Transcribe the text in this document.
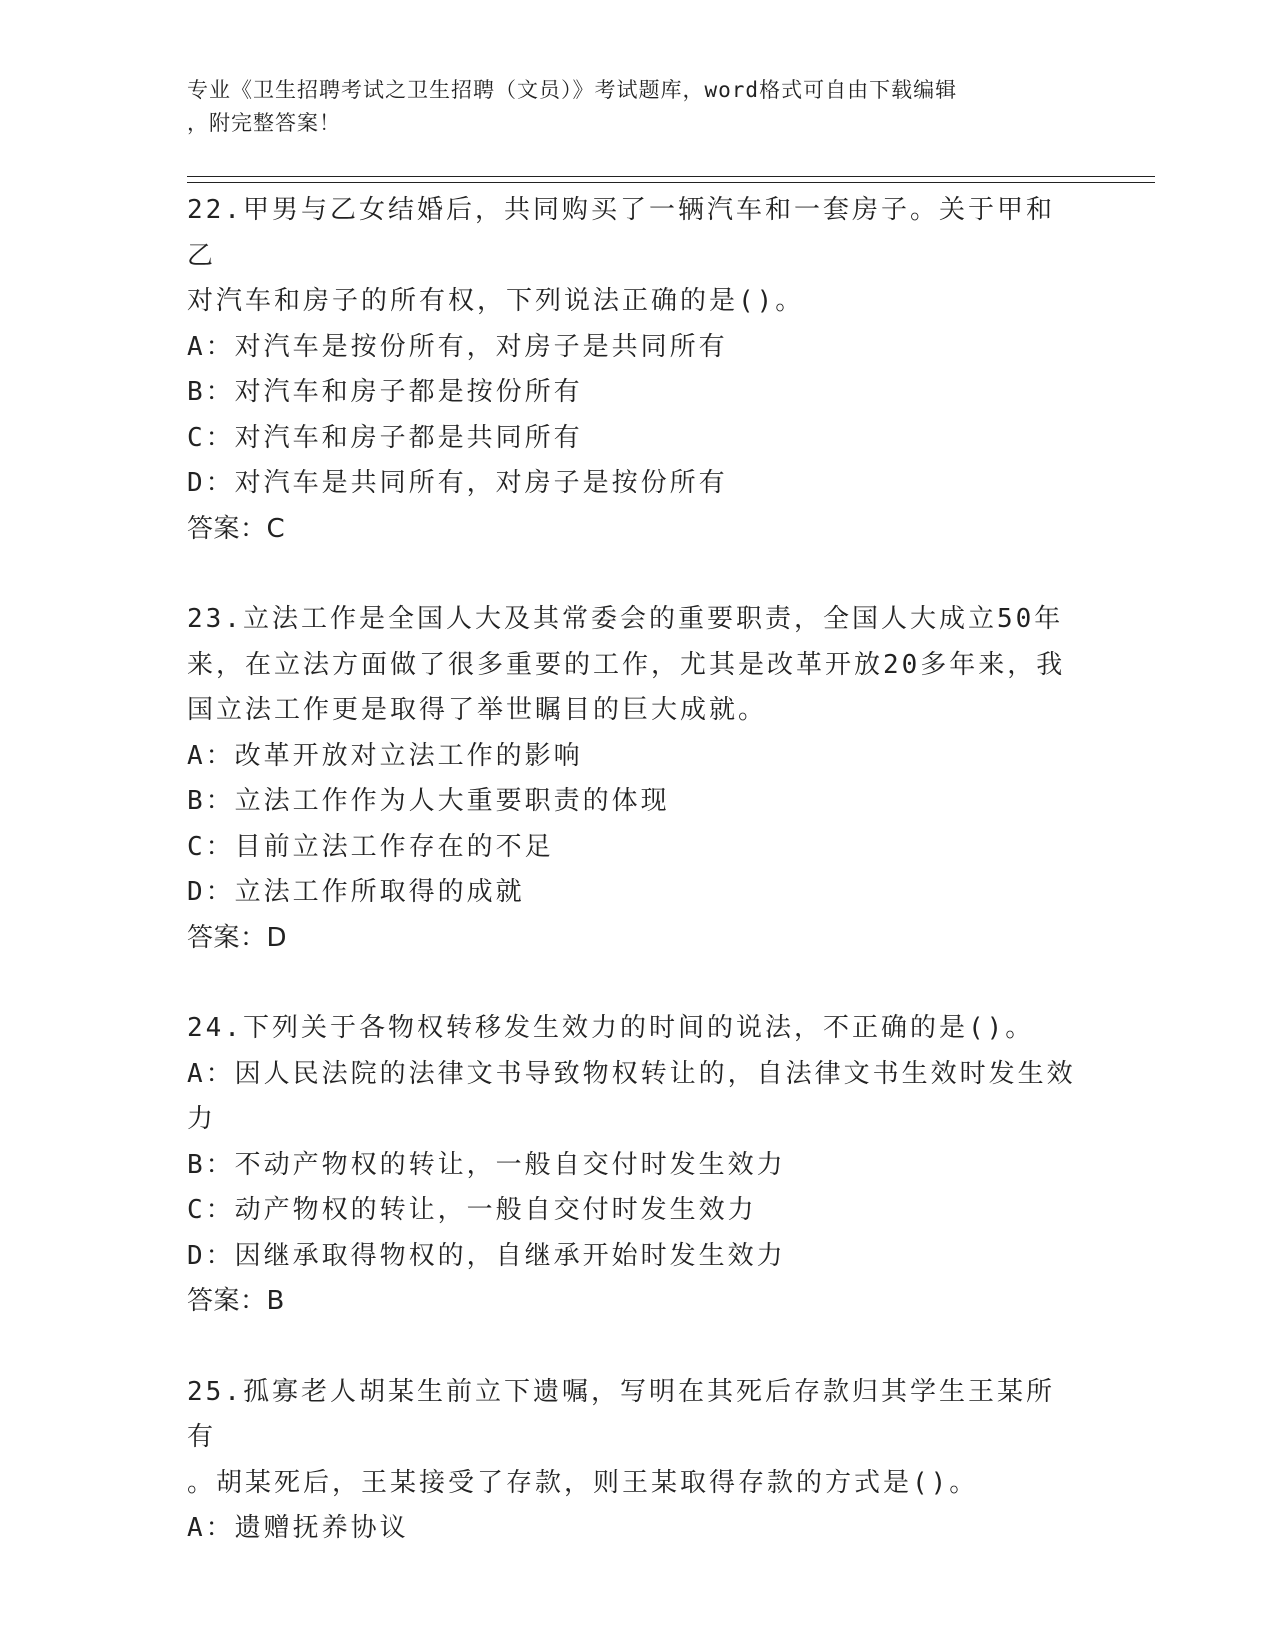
专业《卫生招聘考试之卫生招聘（文员）》考试题库，word格式可自由下载编辑
，附完整答案！
22.甲男与乙女结婚后，共同购买了一辆汽车和一套房子。关于甲和乙
对汽车和房子的所有权，下列说法正确的是()。
A：对汽车是按份所有，对房子是共同所有
B：对汽车和房子都是按份所有
C：对汽车和房子都是共同所有
D：对汽车是共同所有，对房子是按份所有
答案：C
23.立法工作是全国人大及其常委会的重要职责，全国人大成立50年
来，在立法方面做了很多重要的工作，尤其是改革开放20多年来，我
国立法工作更是取得了举世瞩目的巨大成就。
A：改革开放对立法工作的影响
B：立法工作作为人大重要职责的体现
C：目前立法工作存在的不足
D：立法工作所取得的成就
答案：D
24.下列关于各物权转移发生效力的时间的说法，不正确的是()。
A：因人民法院的法律文书导致物权转让的，自法律文书生效时发生效
力
B：不动产物权的转让，一般自交付时发生效力
C：动产物权的转让，一般自交付时发生效力
D：因继承取得物权的，自继承开始时发生效力
答案：B
25.孤寡老人胡某生前立下遗嘱，写明在其死后存款归其学生王某所有
。胡某死后，王某接受了存款，则王某取得存款的方式是()。
A：遗赠抚养协议
